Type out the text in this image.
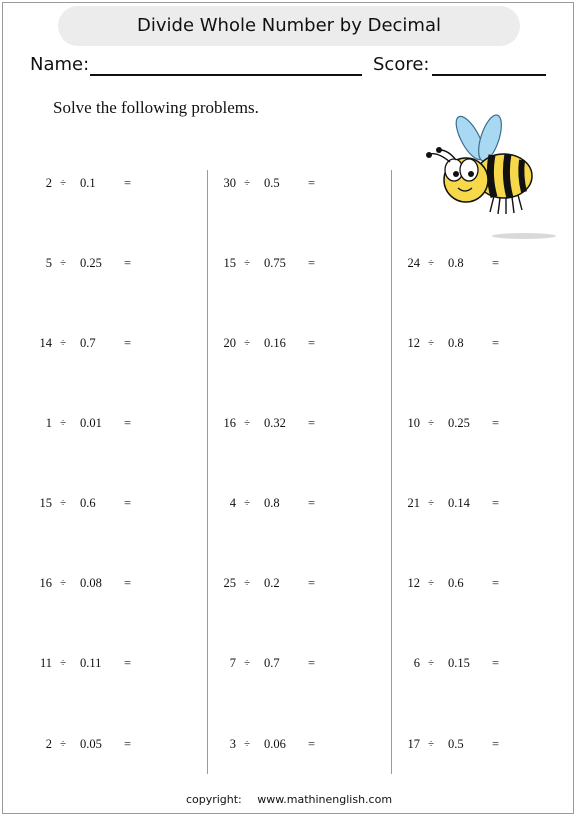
Divide Whole Number by Decimal
Name:	Score:
Solve the following problems.
2 ÷ 0.1 =
5 ÷ 0.25 =
14 ÷ 0.7 =
1 ÷ 0.01 =
15 ÷ 0.6 =
16 ÷ 0.08 =
11 ÷ 0.11 =
2 ÷ 0.05 =
30 ÷ 0.5 =
15 ÷ 0.75 =
20 ÷ 0.16 =
16 ÷ 0.32 =
4 ÷ 0.8 =
25 ÷ 0.2 =
7 ÷ 0.7 =
3 ÷ 0.06 =
24 ÷ 0.8 =
12 ÷ 0.8 =
10 ÷ 0.25 =
21 ÷ 0.14 =
12 ÷ 0.6 =
6 ÷ 0.15 =
17 ÷ 0.5 =
copyright: www.mathinenglish.com
